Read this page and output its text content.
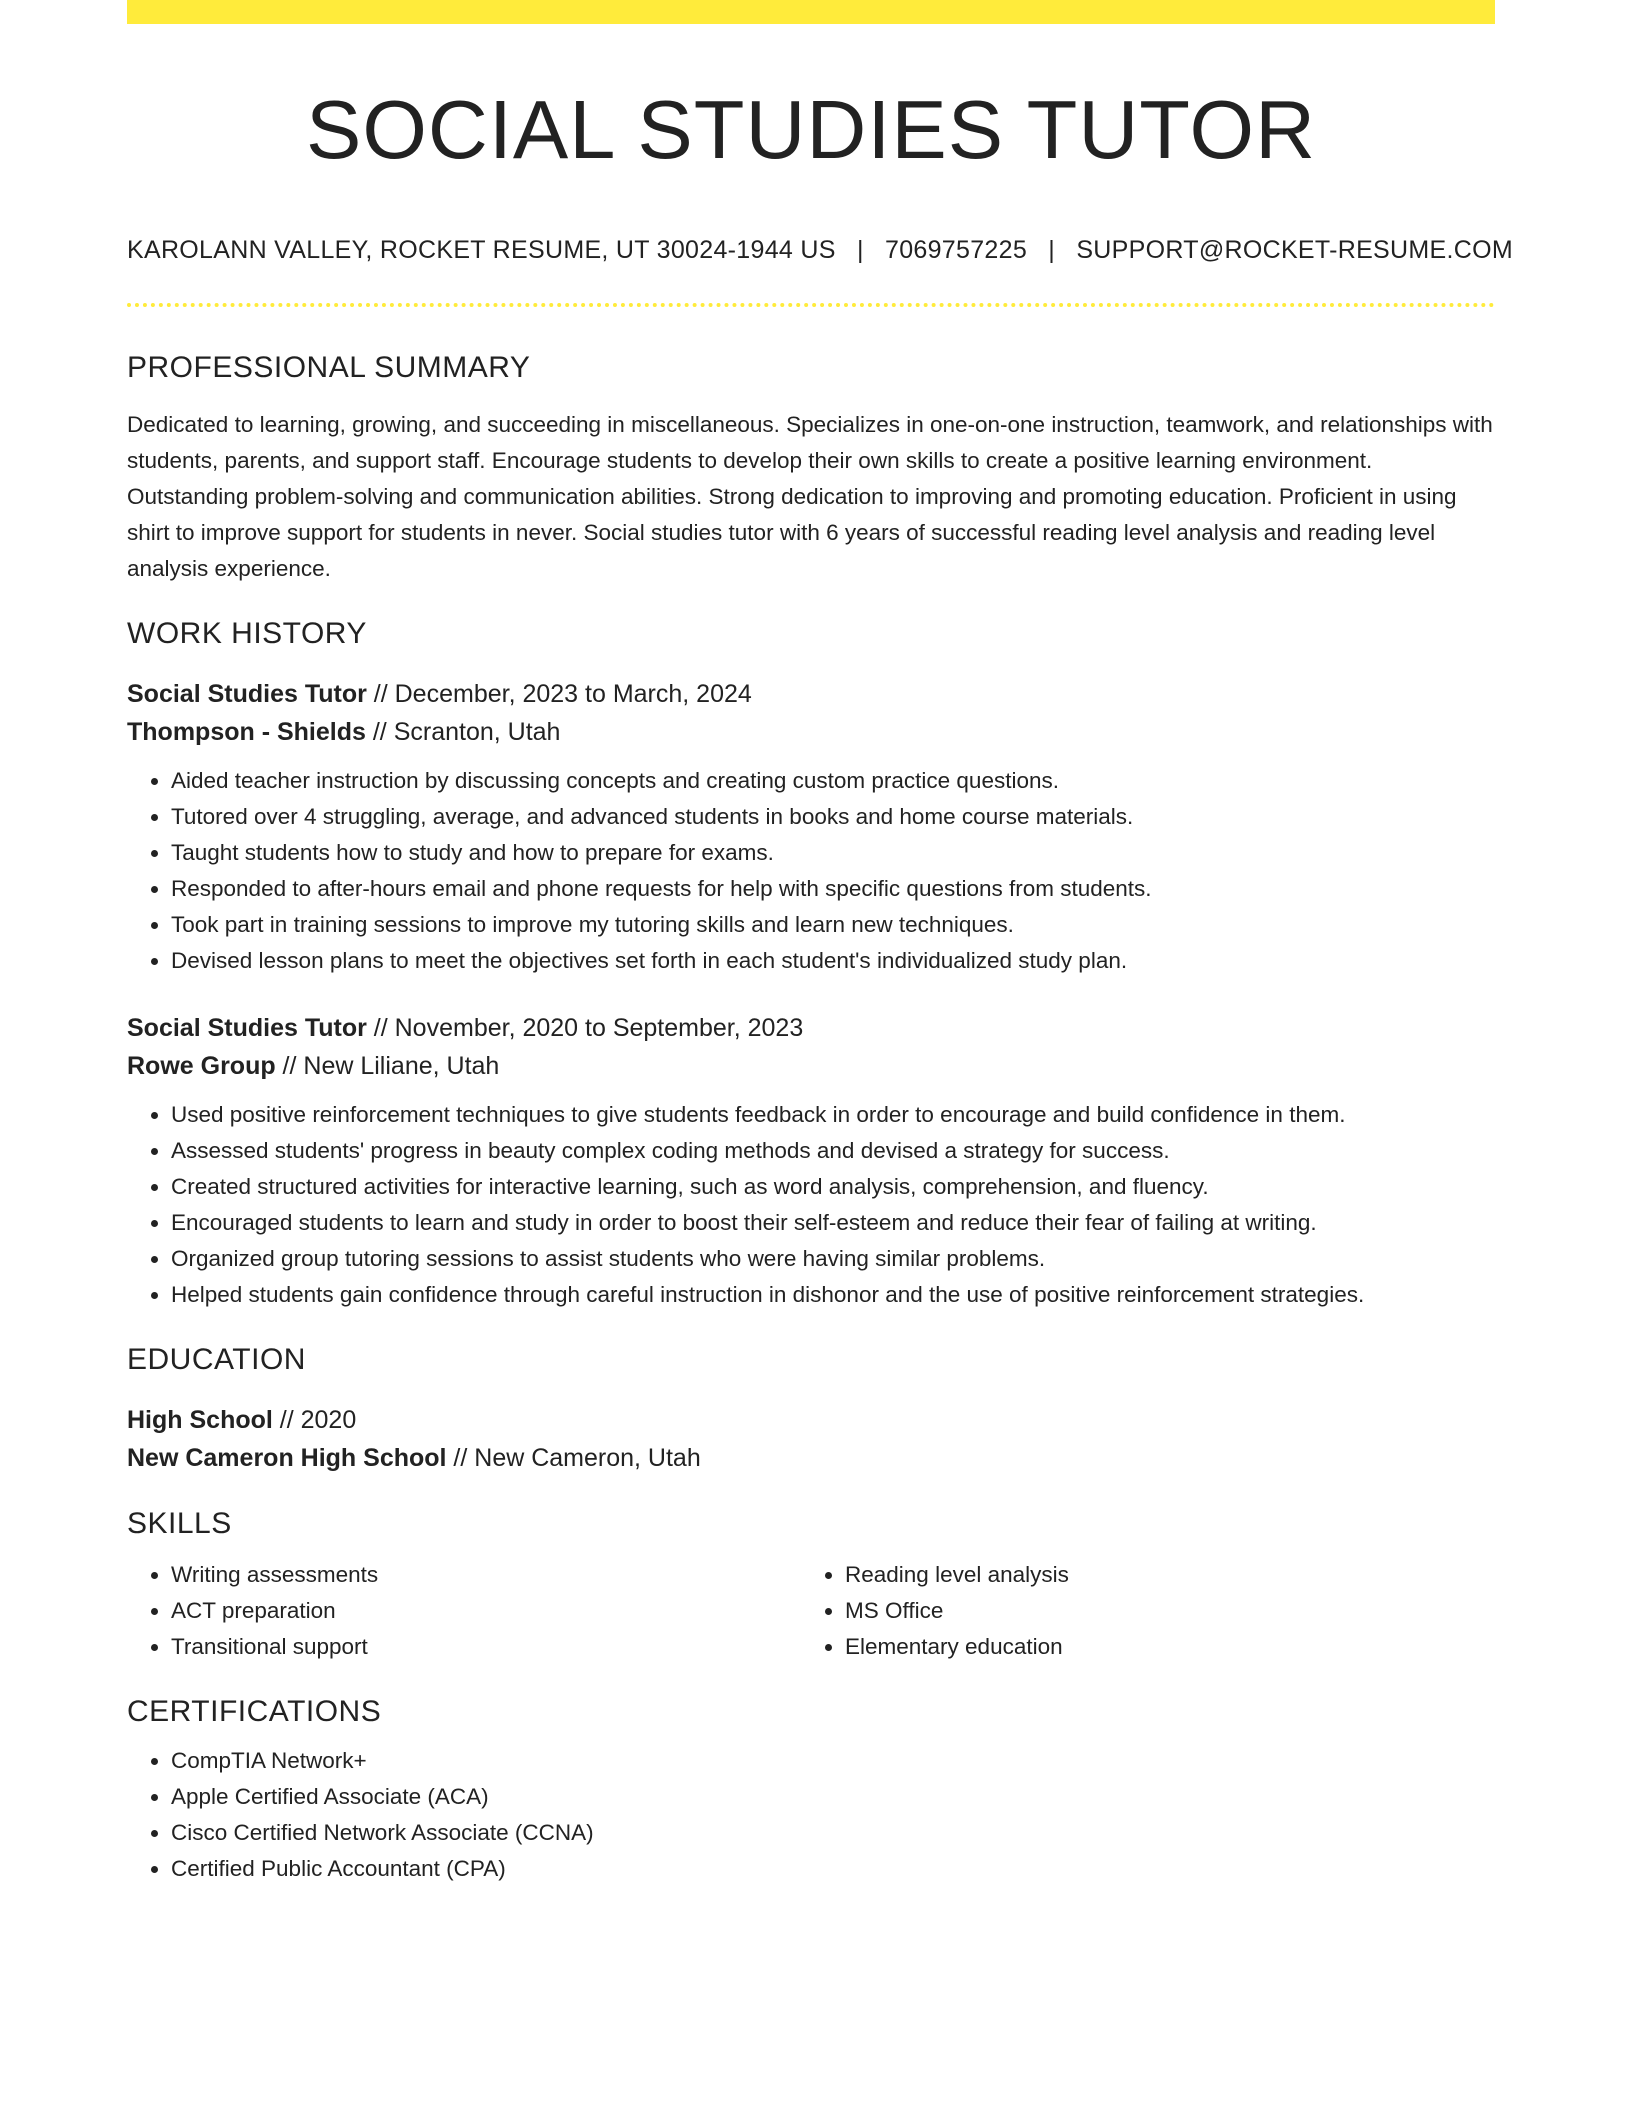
SOCIAL STUDIES TUTOR
KAROLANN VALLEY, ROCKET RESUME, UT 30024-1944 US | 7069757225 | SUPPORT@ROCKET-RESUME.COM
PROFESSIONAL SUMMARY

Dedicated to learning, growing, and succeeding in miscellaneous. Specializes in one-on-one instruction, teamwork, and relationships with students, parents, and support staff. Encourage students to develop their own skills to create a positive learning environment. Outstanding problem-solving and communication abilities. Strong dedication to improving and promoting education. Proficient in using shirt to improve support for students in never. Social studies tutor with 6 years of successful reading level analysis and reading level analysis experience.

WORK HISTORY

Social Studies Tutor // December, 2023 to March, 2024

Thompson - Shields // Scranton, Utah

• Aided teacher instruction by discussing concepts and creating custom practice questions.
• Tutored over 4 struggling, average, and advanced students in books and home course materials.
• Taught students how to study and how to prepare for exams.
• Responded to after-hours email and phone requests for help with specific questions from students.
• Took part in training sessions to improve my tutoring skills and learn new techniques.
• Devised lesson plans to meet the objectives set forth in each student's individualized study plan.

Social Studies Tutor // November, 2020 to September, 2023

Rowe Group // New Liliane, Utah

• Used positive reinforcement techniques to give students feedback in order to encourage and build confidence in them.
• Assessed students' progress in beauty complex coding methods and devised a strategy for success.
• Created structured activities for interactive learning, such as word analysis, comprehension, and fluency.
• Encouraged students to learn and study in order to boost their self-esteem and reduce their fear of failing at writing.
• Organized group tutoring sessions to assist students who were having similar problems.
• Helped students gain confidence through careful instruction in dishonor and the use of positive reinforcement strategies.
EDUCATION

High School // 2020

New Cameron High School // New Cameron, Utah

SKILLS
• Writing assessments
• ACT preparation
• Transitional support
• Reading level analysis
• MS Office
• Elementary education
CERTIFICATIONS
• CompTIA Network+
• Apple Certified Associate (ACA)
• Cisco Certified Network Associate (CCNA)
• Certified Public Accountant (CPA)
